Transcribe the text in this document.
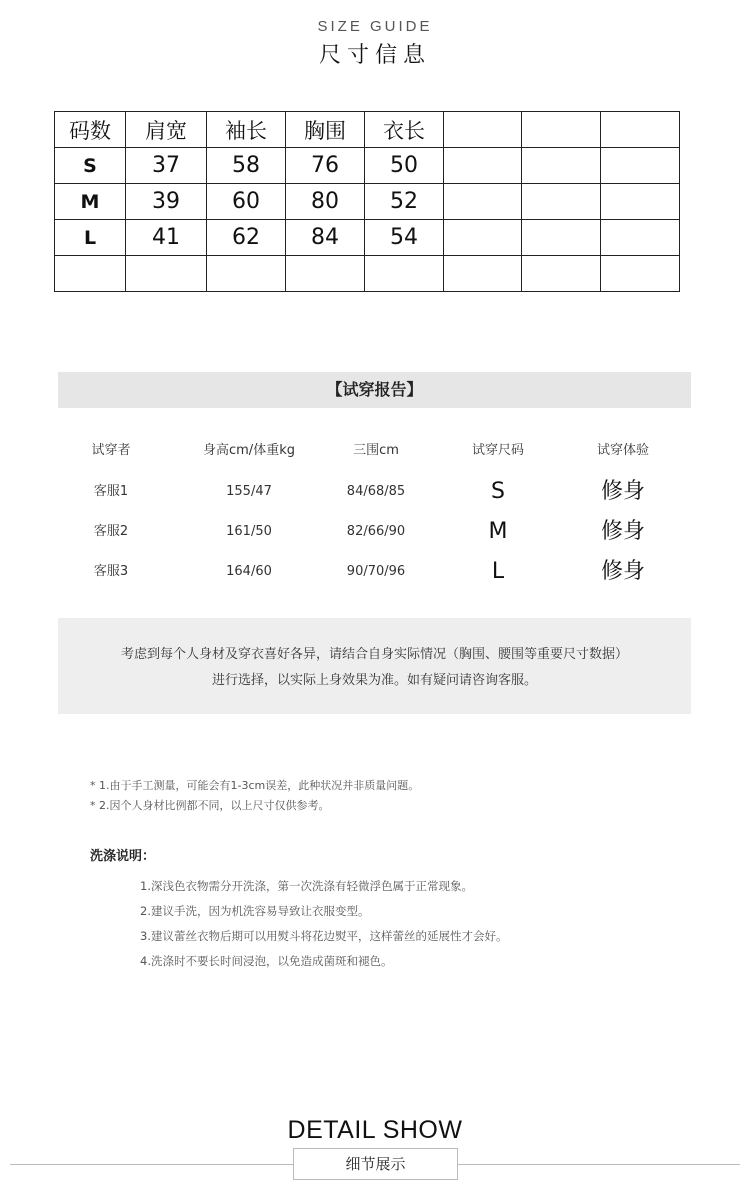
SIZE GUIDE
尺寸信息
码数	肩宽	袖长	胸围	衣长			
S	37	58	76	50			
M	39	60	80	52			
L	41	62	84	54			

【试穿报告】
试穿者	身高cm/体重kg	三围cm	试穿尺码	试穿体验
客服1	155/47	84/68/85	S	修身
客服2	161/50	82/66/90	M	修身
客服3	164/60	90/70/96	L	修身

考虑到每个人身材及穿衣喜好各异，请结合自身实际情况（胸围、腰围等重要尺寸数据）

进行选择，以实际上身效果为准。如有疑问请咨询客服。

* 1.由于手工测量，可能会有1-3cm误差，此种状况并非质量问题。

* 2.因个人身材比例都不同，以上尺寸仅供参考。

洗涤说明：

1.深浅色衣物需分开洗涤，第一次洗涤有轻微浮色属于正常现象。

2.建议手洗，因为机洗容易导致让衣服变型。

3.建议蕾丝衣物后期可以用熨斗将花边熨平，这样蕾丝的延展性才会好。

4.洗涤时不要长时间浸泡，以免造成菌斑和褪色。

DETAIL SHOW
细节展示
